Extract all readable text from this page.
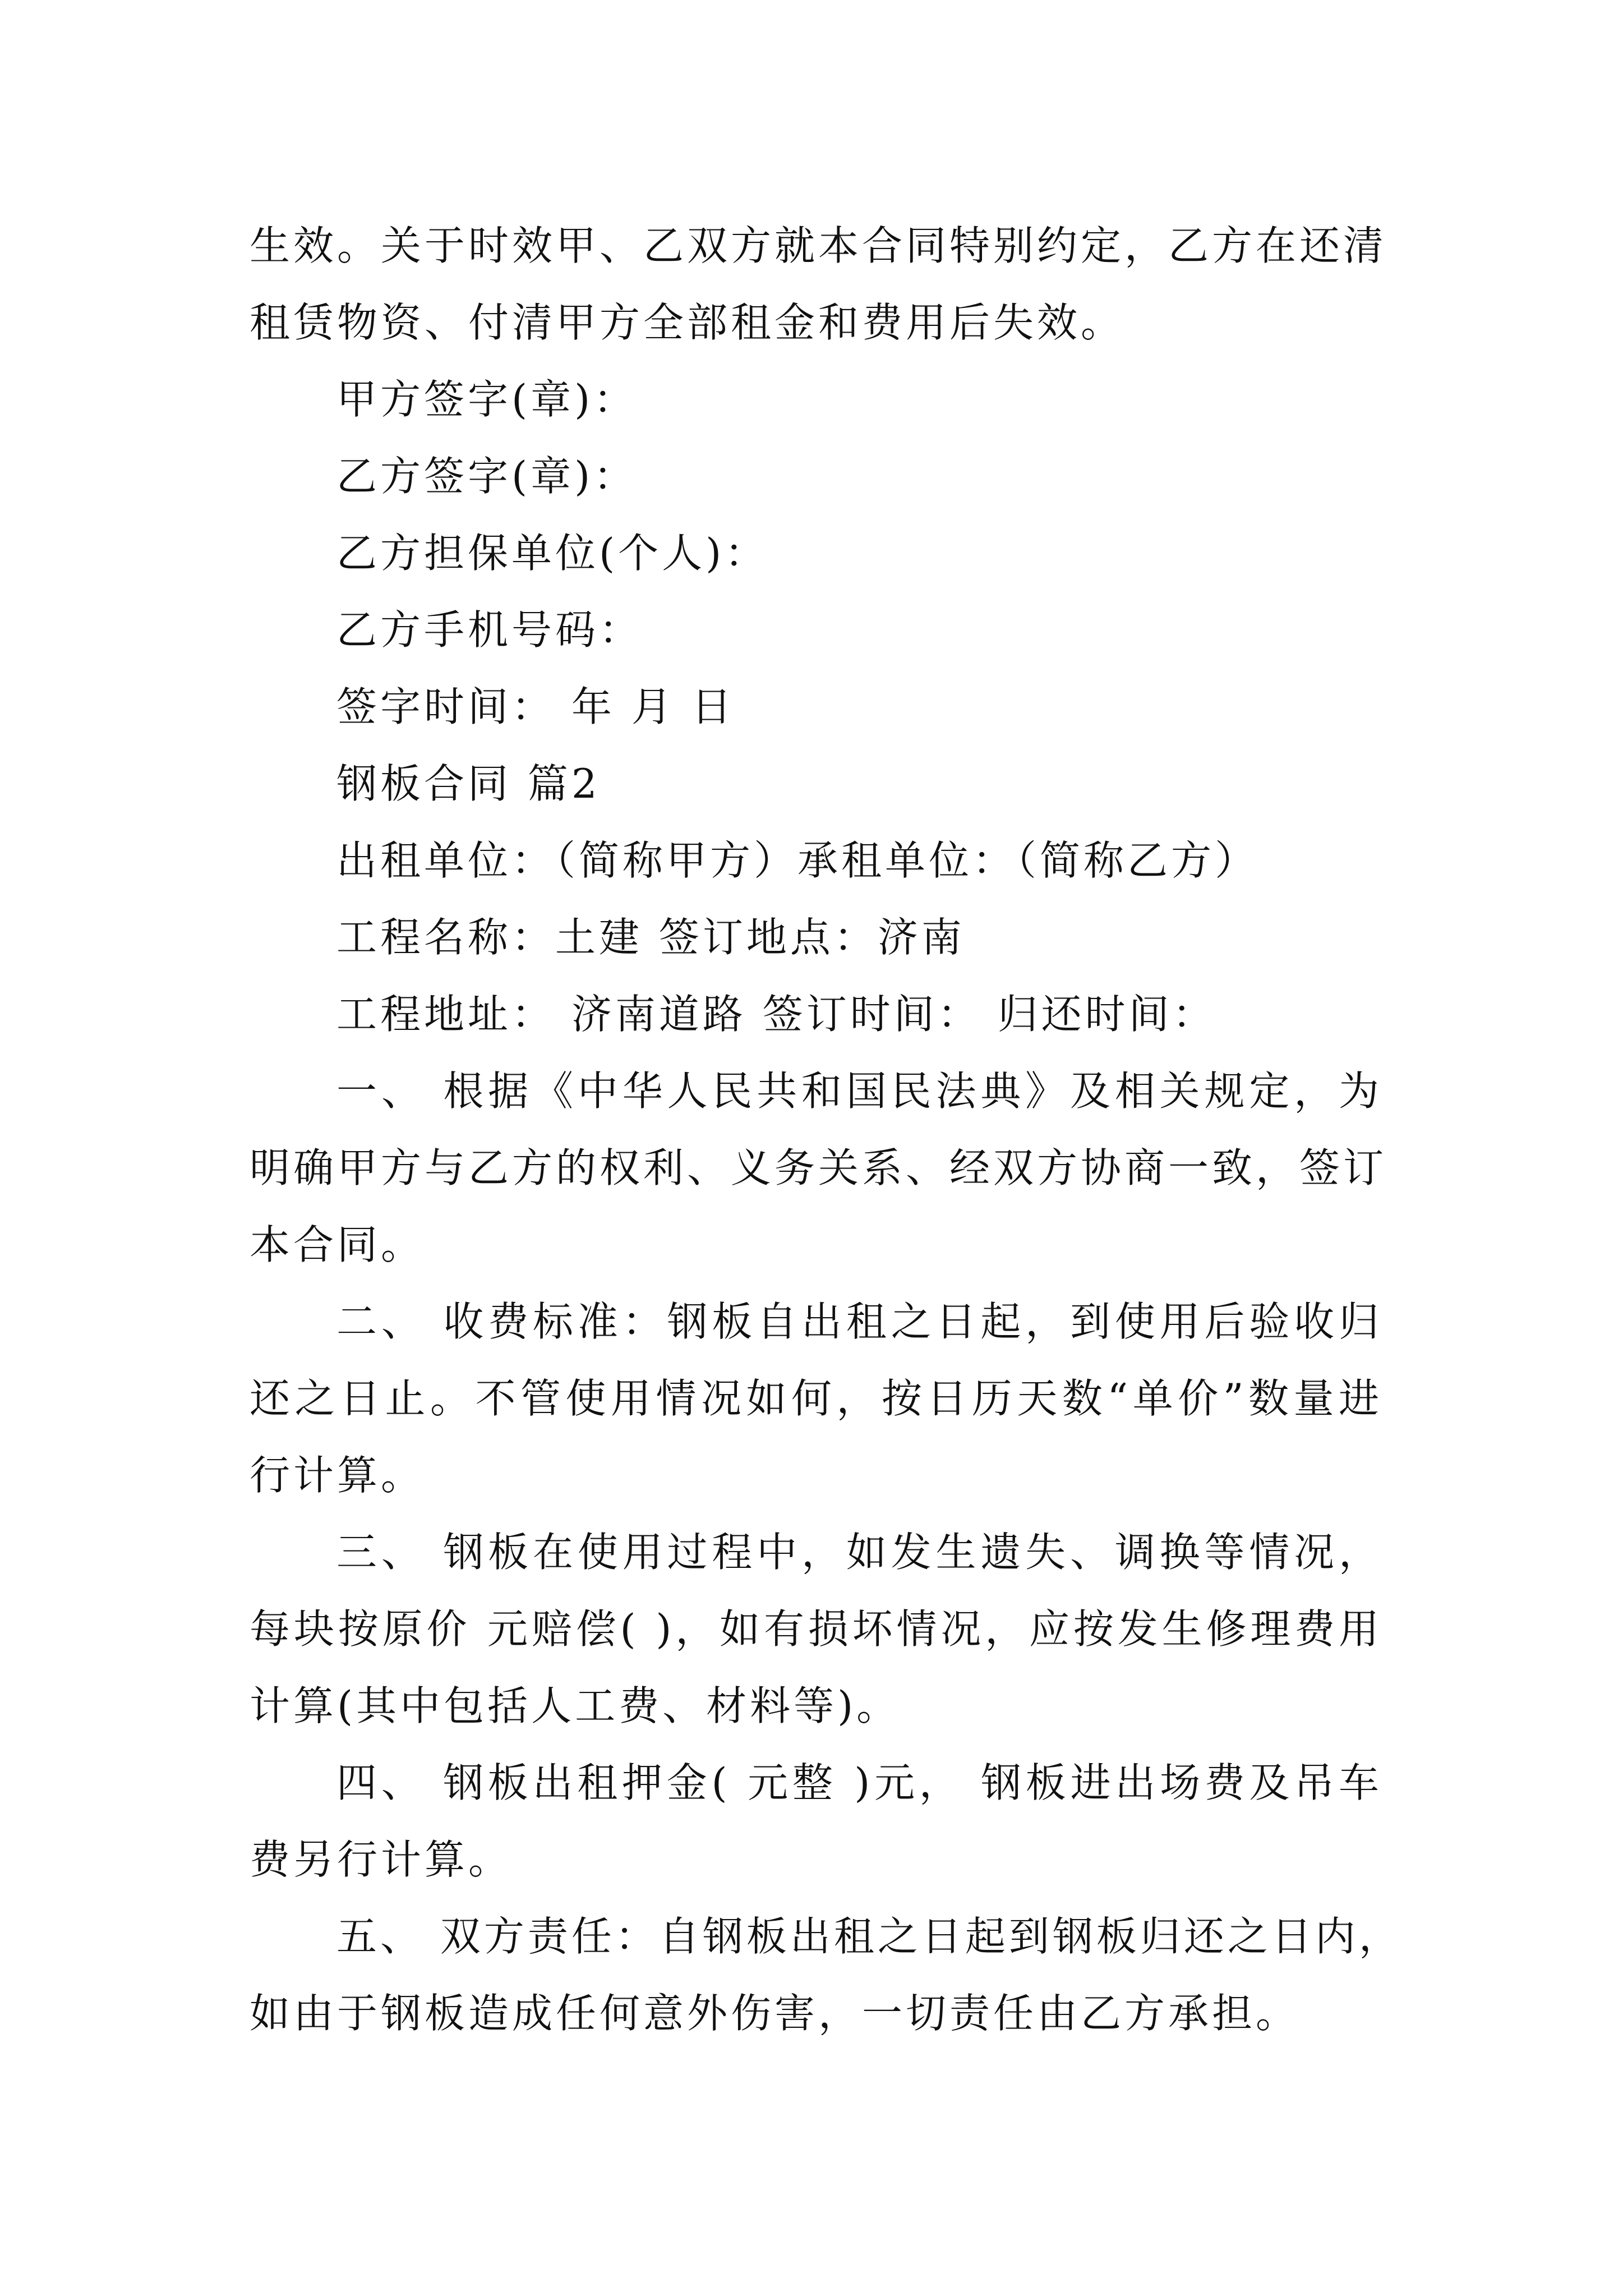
生效。关于时效甲、乙双方就本合同特别约定，乙方在还清
租赁物资、付清甲方全部租金和费用后失效。
甲方签字(章)：
乙方签字(章)：
乙方担保单位(个人)：
乙方手机号码：
签字时间： 年 月 日
钢板合同 篇2
出租单位：（简称甲方）承租单位：（简称乙方）
工程名称：土建 签订地点：济南
工程地址： 济南道路 签订时间： 归还时间：
一、 根据《中华人民共和国民法典》及相关规定，为
明确甲方与乙方的权利、义务关系、经双方协商一致，签订
本合同。
二、 收费标准：钢板自出租之日起，到使用后验收归
还之日止。不管使用情况如何，按日历天数“单价”数量进
行计算。
三、 钢板在使用过程中，如发生遗失、调换等情况，
每块按原价 元赔偿( )，如有损坏情况，应按发生修理费用
计算(其中包括人工费、材料等)。
四、 钢板出租押金( 元整 )元， 钢板进出场费及吊车
费另行计算。
五、 双方责任：自钢板出租之日起到钢板归还之日内，
如由于钢板造成任何意外伤害，一切责任由乙方承担。
